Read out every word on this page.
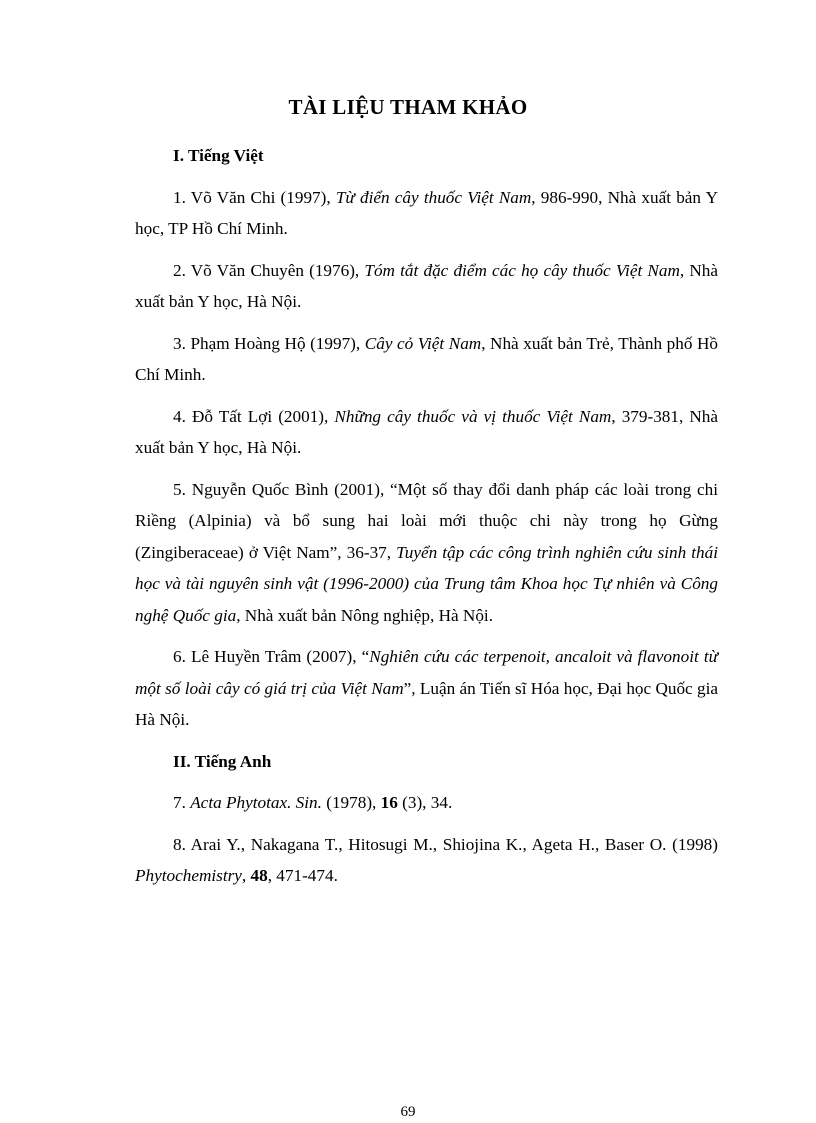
TÀI LIỆU THAM KHẢO

I. Tiếng Việt

1. Võ Văn Chi (1997), Từ điển cây thuốc Việt Nam, 986-990, Nhà xuất bản Y học, TP Hồ Chí Minh.

2. Võ Văn Chuyên (1976), Tóm tắt đặc điểm các họ cây thuốc Việt Nam, Nhà xuất bản Y học, Hà Nội.

3. Phạm Hoàng Hộ (1997), Cây cỏ Việt Nam, Nhà xuất bản Trẻ, Thành phố Hồ Chí Minh.

4. Đỗ Tất Lợi (2001), Những cây thuốc và vị thuốc Việt Nam, 379-381, Nhà xuất bản Y học, Hà Nội.

5. Nguyễn Quốc Bình (2001), “Một số thay đổi danh pháp các loài trong chi Riềng (Alpinia) và bổ sung hai loài mới thuộc chi này trong họ Gừng (Zingiberaceae) ở Việt Nam”, 36-37, Tuyển tập các công trình nghiên cứu sinh thái học và tài nguyên sinh vật (1996-2000) của Trung tâm Khoa học Tự nhiên và Công nghệ Quốc gia, Nhà xuất bản Nông nghiệp, Hà Nội.

6. Lê Huyền Trâm (2007), “Nghiên cứu các terpenoit, ancaloit và flavonoit từ một số loài cây có giá trị của Việt Nam”, Luận án Tiến sĩ Hóa học, Đại học Quốc gia Hà Nội.

II. Tiếng Anh

7. Acta Phytotax. Sin. (1978), 16 (3), 34.

8. Arai Y., Nakagana T., Hitosugi M., Shiojina K., Ageta H., Baser O. (1998) Phytochemistry, 48, 471-474.

69
